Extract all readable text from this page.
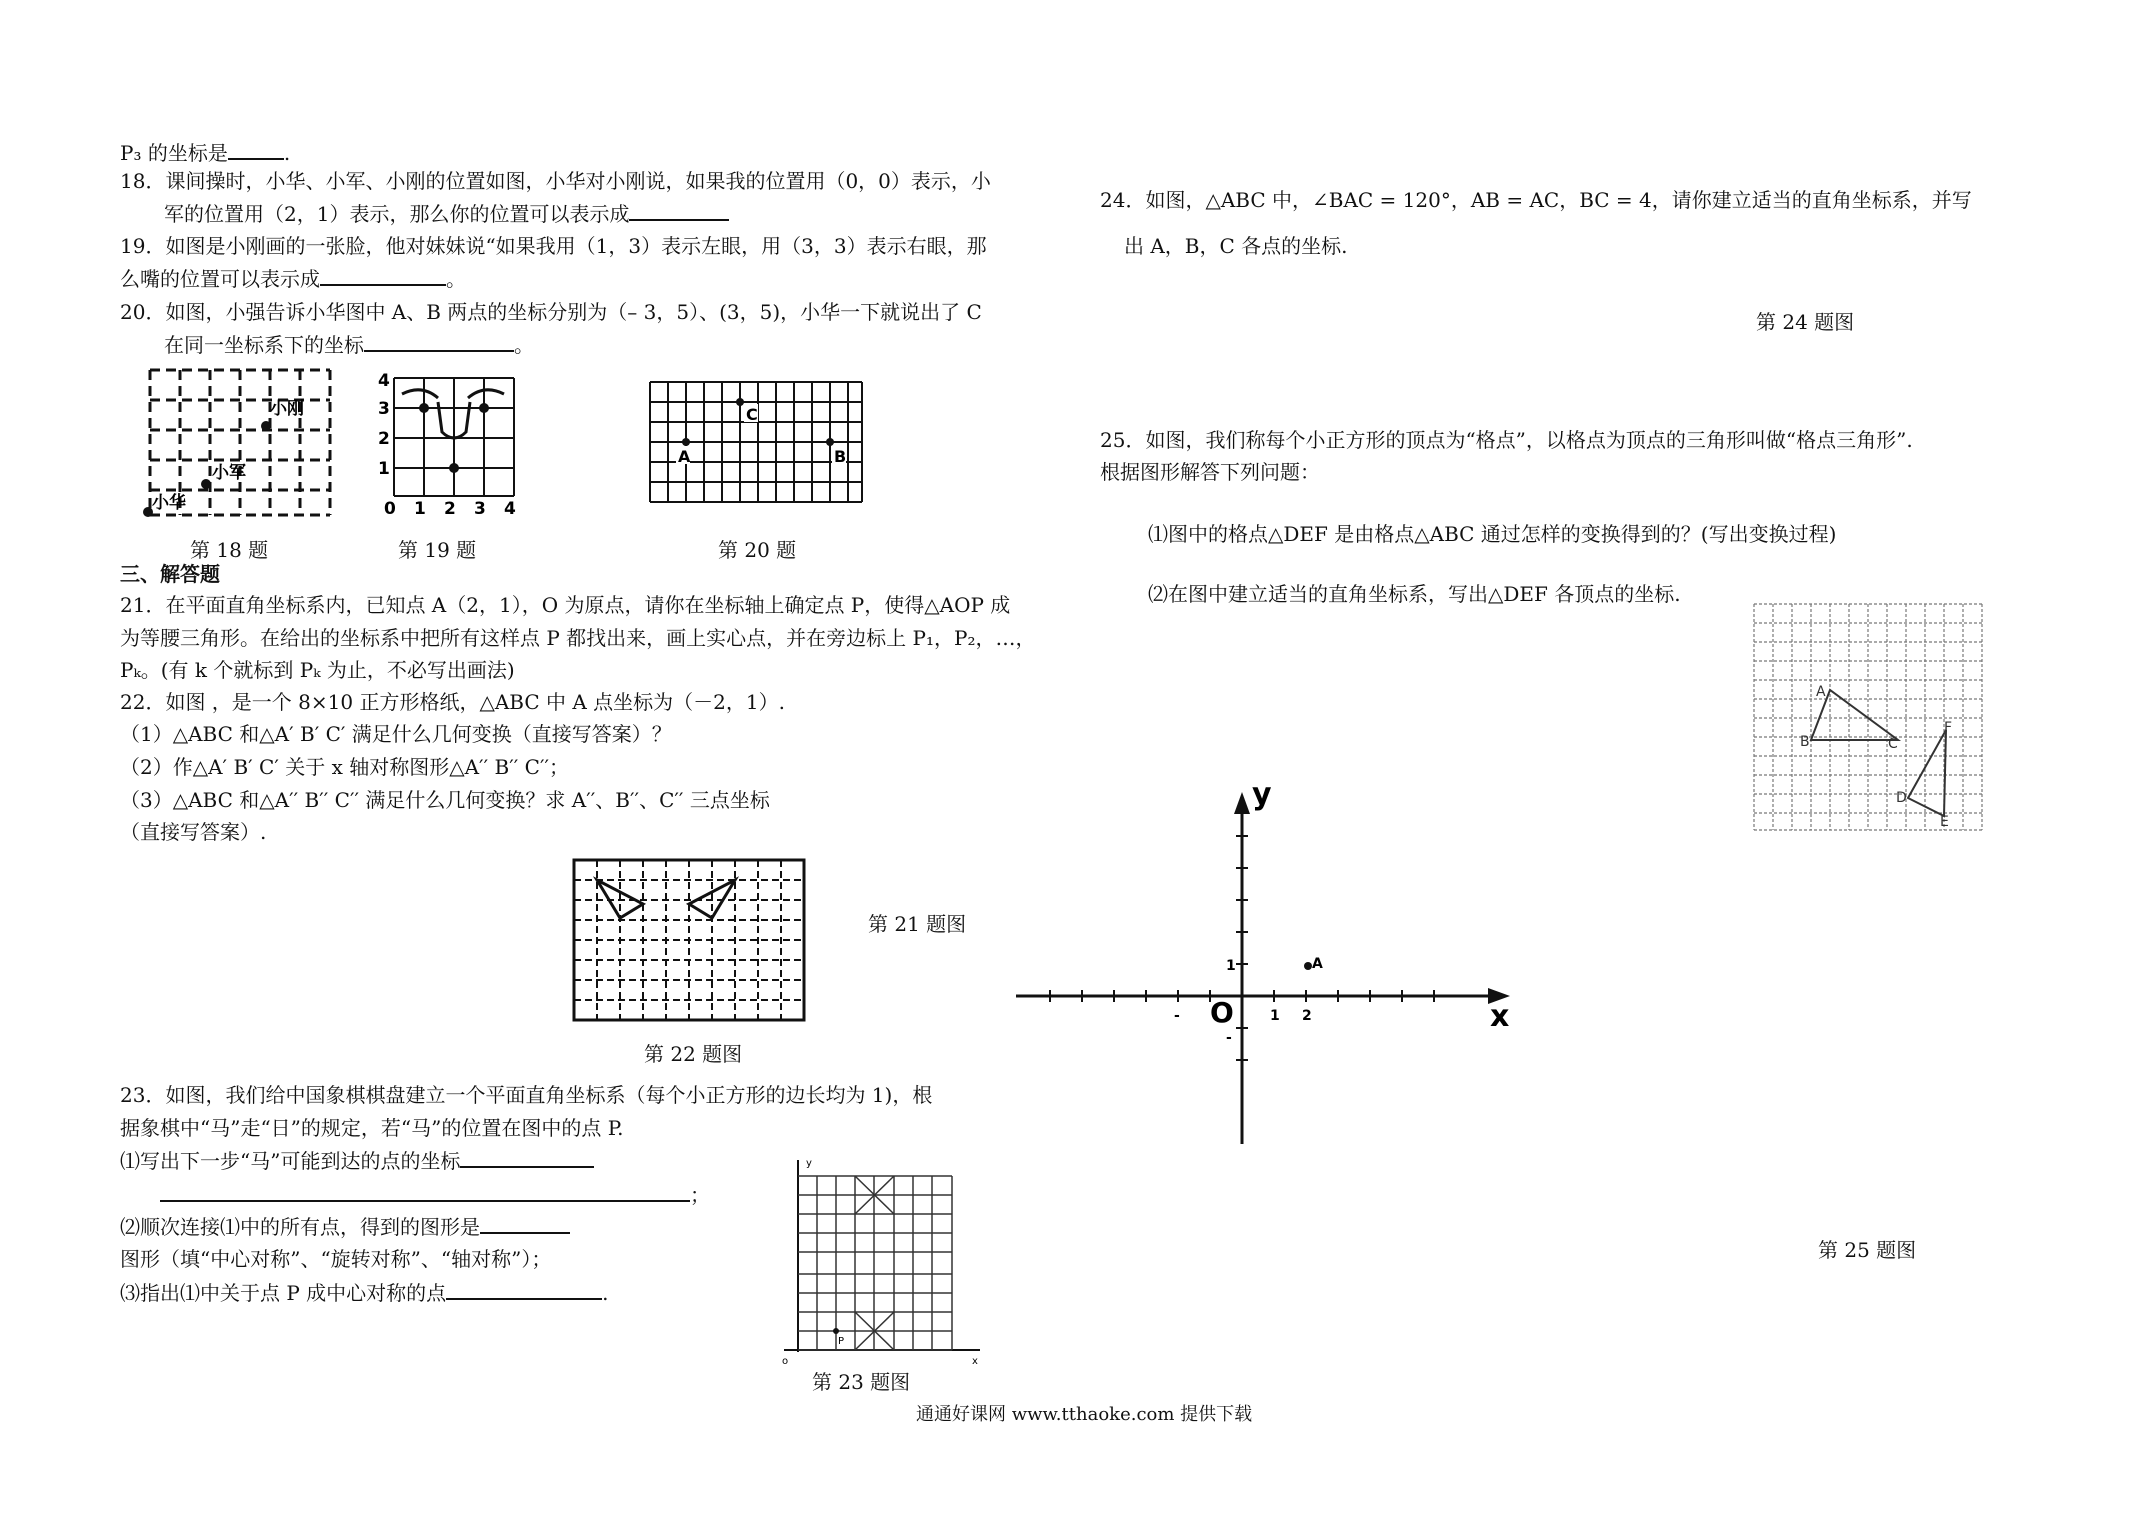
P₃ 的坐标是	.
18．课间操时，小华、小军、小刚的位置如图，小华对小刚说，如果我的位置用（0，0）表示，小
军的位置用（2，1）表示，那么你的位置可以表示成
19．如图是小刚画的一张脸，他对妹妹说“如果我用（1，3）表示左眼，用（3，3）表示右眼，那
么嘴的位置可以表示成	。
20．如图，小强告诉小华图中 A、B 两点的坐标分别为（– 3，5）、(3，5)，小华一下就说出了 C
在同一坐标系下的坐标	。
小刚
小军
小华
4
3
2
1
0 1 2 3 4
A	B
C
第 18 题	第 19 题	第 20 题
三、解答题
21．在平面直角坐标系内，已知点 A（2，1），O 为原点，请你在坐标轴上确定点 P，使得△AOP 成
为等腰三角形。在给出的坐标系中把所有这样点 P 都找出来，画上实心点，并在旁边标上 P₁，P₂，…，
Pₖ。(有 k 个就标到 Pₖ 为止，不必写出画法)
22．如图 ，是一个 8×10 正方形格纸，△ABC 中 A 点坐标为（－2，1）.
（1）△ABC 和△A′ B′ C′ 满足什么几何变换（直接写答案）？
（2）作△A′ B′ C′ 关于 x 轴对称图形△A′′ B′′ C′′；
（3）△ABC 和△A′′ B′′ C′′ 满足什么几何变换？求 A′′、B′′、C′′ 三点坐标
（直接写答案）.
第 21 题图
第 22 题图
23．如图，我们给中国象棋棋盘建立一个平面直角坐标系（每个小正方形的边长均为 1)，根
据象棋中“马”走“日”的规定，若“马”的位置在图中的点 P.
⑴写出下一步“马”可能到达的点的坐标
；
⑵顺次连接⑴中的所有点，得到的图形是
图形（填“中心对称”、“旋转对称”、“轴对称”）；
⑶指出⑴中关于点 P 成中心对称的点	.
y
x
o
P
第 23 题图
通通好课网 www.tthaoke.com 提供下载
24．如图，△ABC 中，∠BAC = 120°，AB = AC，BC = 4，请你建立适当的直角坐标系，并写
出 A，B，C 各点的坐标.
第 24 题图
25．如图，我们称每个小正方形的顶点为“格点”，以格点为顶点的三角形叫做“格点三角形”.
根据图形解答下列问题：
⑴图中的格点△DEF 是由格点△ABC 通过怎样的变换得到的？(写出变换过程)
⑵在图中建立适当的直角坐标系，写出△DEF 各顶点的坐标.
A
B	C
D
E
F
y
x
O
A
1 2
1
-
-
第 25 题图
